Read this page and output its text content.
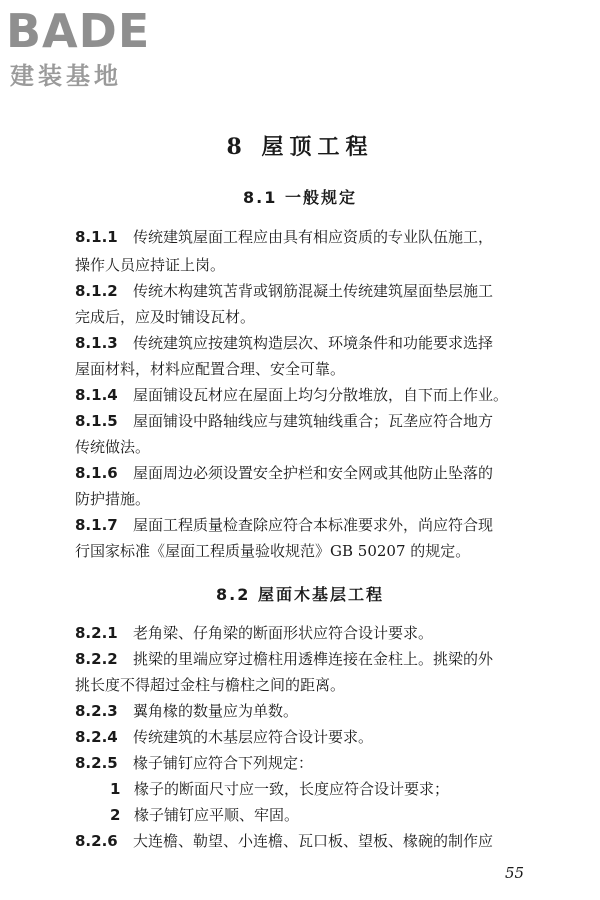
BADE
建装基地
8 屋顶工程
8.1 一般规定
8.1.1 传统建筑屋面工程应由具有相应资质的专业队伍施工，
操作人员应持证上岗。
8.1.2 传统木构建筑苫背或钢筋混凝土传统建筑屋面垫层施工
完成后，应及时铺设瓦材。
8.1.3 传统建筑应按建筑构造层次、环境条件和功能要求选择
屋面材料，材料应配置合理、安全可靠。
8.1.4 屋面铺设瓦材应在屋面上均匀分散堆放，自下而上作业。
8.1.5 屋面铺设中路轴线应与建筑轴线重合；瓦垄应符合地方
传统做法。
8.1.6 屋面周边必须设置安全护栏和安全网或其他防止坠落的
防护措施。
8.1.7 屋面工程质量检查除应符合本标准要求外，尚应符合现
行国家标准《屋面工程质量验收规范》GB 50207 的规定。
8.2 屋面木基层工程
8.2.1 老角梁、仔角梁的断面形状应符合设计要求。
8.2.2 挑梁的里端应穿过檐柱用透榫连接在金柱上。挑梁的外
挑长度不得超过金柱与檐柱之间的距离。
8.2.3 翼角椽的数量应为单数。
8.2.4 传统建筑的木基层应符合设计要求。
8.2.5 椽子铺钉应符合下列规定：
1 椽子的断面尺寸应一致，长度应符合设计要求；
2 椽子铺钉应平顺、牢固。
8.2.6 大连檐、勒望、小连檐、瓦口板、望板、椽碗的制作应
55
